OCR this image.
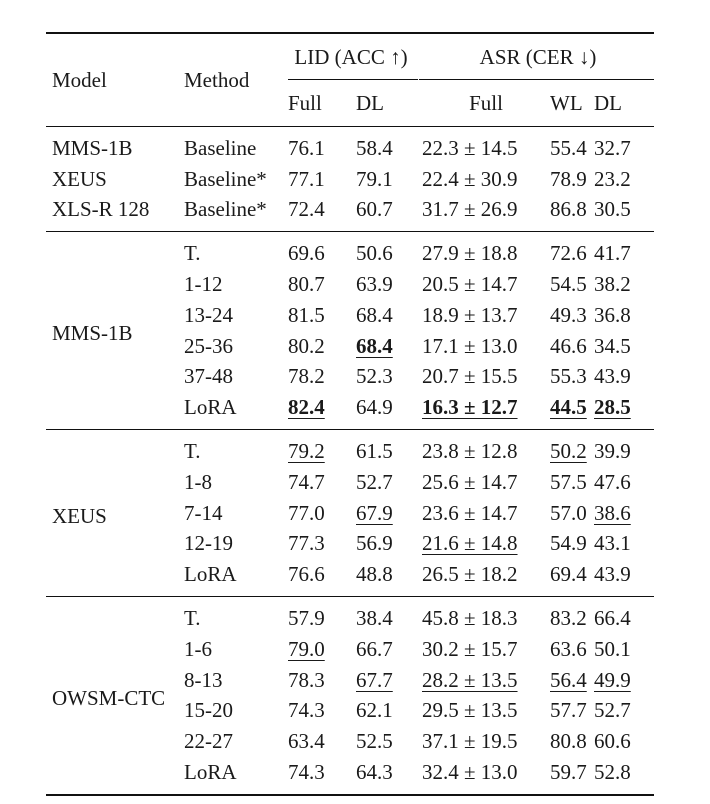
Model	Method	LID (ACC ↑)			ASR (CER ↓)		

		Full	DL		Full	WL	DL
MMS-1B	Baseline	76.1	58.4		22.3 ± 14.5	55.4	32.7
XEUS	Baseline*	77.1	79.1		22.4 ± 30.9	78.9	23.2
XLS-R 128	Baseline*	72.4	60.7		31.7 ± 26.9	86.8	30.5
MMS-1B	T.	69.6	50.6		27.9 ± 18.8	72.6	41.7
	1-12	80.7	63.9		20.5 ± 14.7	54.5	38.2
	13-24	81.5	68.4		18.9 ± 13.7	49.3	36.8
	25-36	80.2	68.4		17.1 ± 13.0	46.6	34.5
	37-48	78.2	52.3		20.7 ± 15.5	55.3	43.9
	LoRA	82.4	64.9		16.3 ± 12.7	44.5	28.5
XEUS	T.	79.2	61.5		23.8 ± 12.8	50.2	39.9
	1-8	74.7	52.7		25.6 ± 14.7	57.5	47.6
	7-14	77.0	67.9		23.6 ± 14.7	57.0	38.6
	12-19	77.3	56.9		21.6 ± 14.8	54.9	43.1
	LoRA	76.6	48.8		26.5 ± 18.2	69.4	43.9
OWSM-CTC	T.	57.9	38.4		45.8 ± 18.3	83.2	66.4
	1-6	79.0	66.7		30.2 ± 15.7	63.6	50.1
	8-13	78.3	67.7		28.2 ± 13.5	56.4	49.9
	15-20	74.3	62.1		29.5 ± 13.5	57.7	52.7
	22-27	63.4	52.5		37.1 ± 19.5	80.8	60.6
	LoRA	74.3	64.3		32.4 ± 13.0	59.7	52.8
